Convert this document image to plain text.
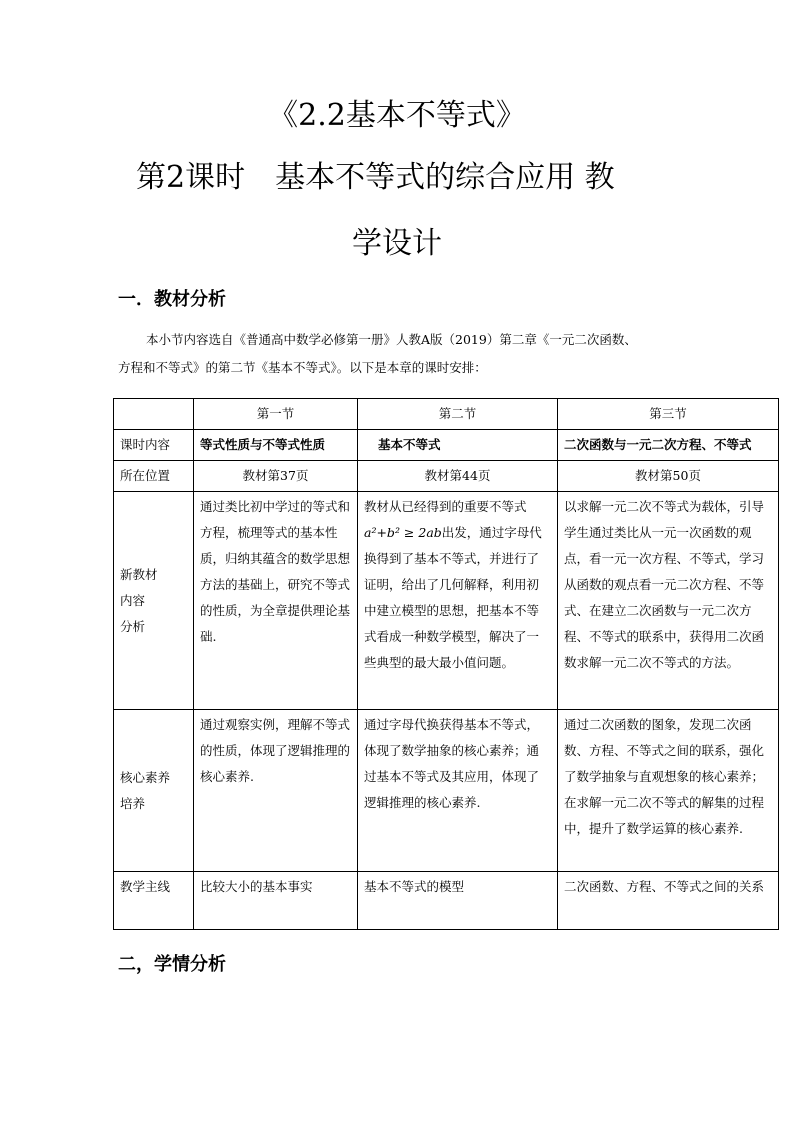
《2.2基本不等式》
第2课时　基本不等式的综合应用 教
学设计
一．教材分析

本小节内容选自《普通高中数学必修第一册》人教A版（2019）第二章《一元二次函数、

方程和不等式》的第二节《基本不等式》。以下是本章的课时安排：

	第一节	第二节	第三节
课时内容	等式性质与不等式性质	基本不等式	二次函数与一元二次方程、不等式
所在位置	教材第37页	教材第44页	教材第50页

新教材
内容
分析	通过类比初中学过的等式和方程，梳理等式的基本性质，归纳其蕴含的数学思想方法的基础上，研究不等式的性质，为全章提供理论基础.	教材从已经得到的重要不等式a²+b² ≥ 2ab出发，通过字母代换得到了基本不等式，并进行了证明，给出了几何解释，利用初中建立模型的思想，把基本不等式看成一种数学模型，解决了一些典型的最大最小值问题。	以求解一元二次不等式为载体，引导学生通过类比从一元一次函数的观点，看一元一次方程、不等式，学习从函数的观点看一元二次方程、不等式、在建立二次函数与一元二次方程、不等式的联系中，获得用二次函数求解一元二次不等式的方法。

核心素养
培养	通过观察实例，理解不等式的性质，体现了逻辑推理的核心素养.	通过字母代换获得基本不等式，体现了数学抽象的核心素养；通过基本不等式及其应用，体现了逻辑推理的核心素养.	通过二次函数的图象，发现二次函数、方程、不等式之间的联系，强化了数学抽象与直观想象的核心素养；在求解一元二次不等式的解集的过程中，提升了数学运算的核心素养.
教学主线	比较大小的基本事实	基本不等式的模型	二次函数、方程、不等式之间的关系
二，学情分析
